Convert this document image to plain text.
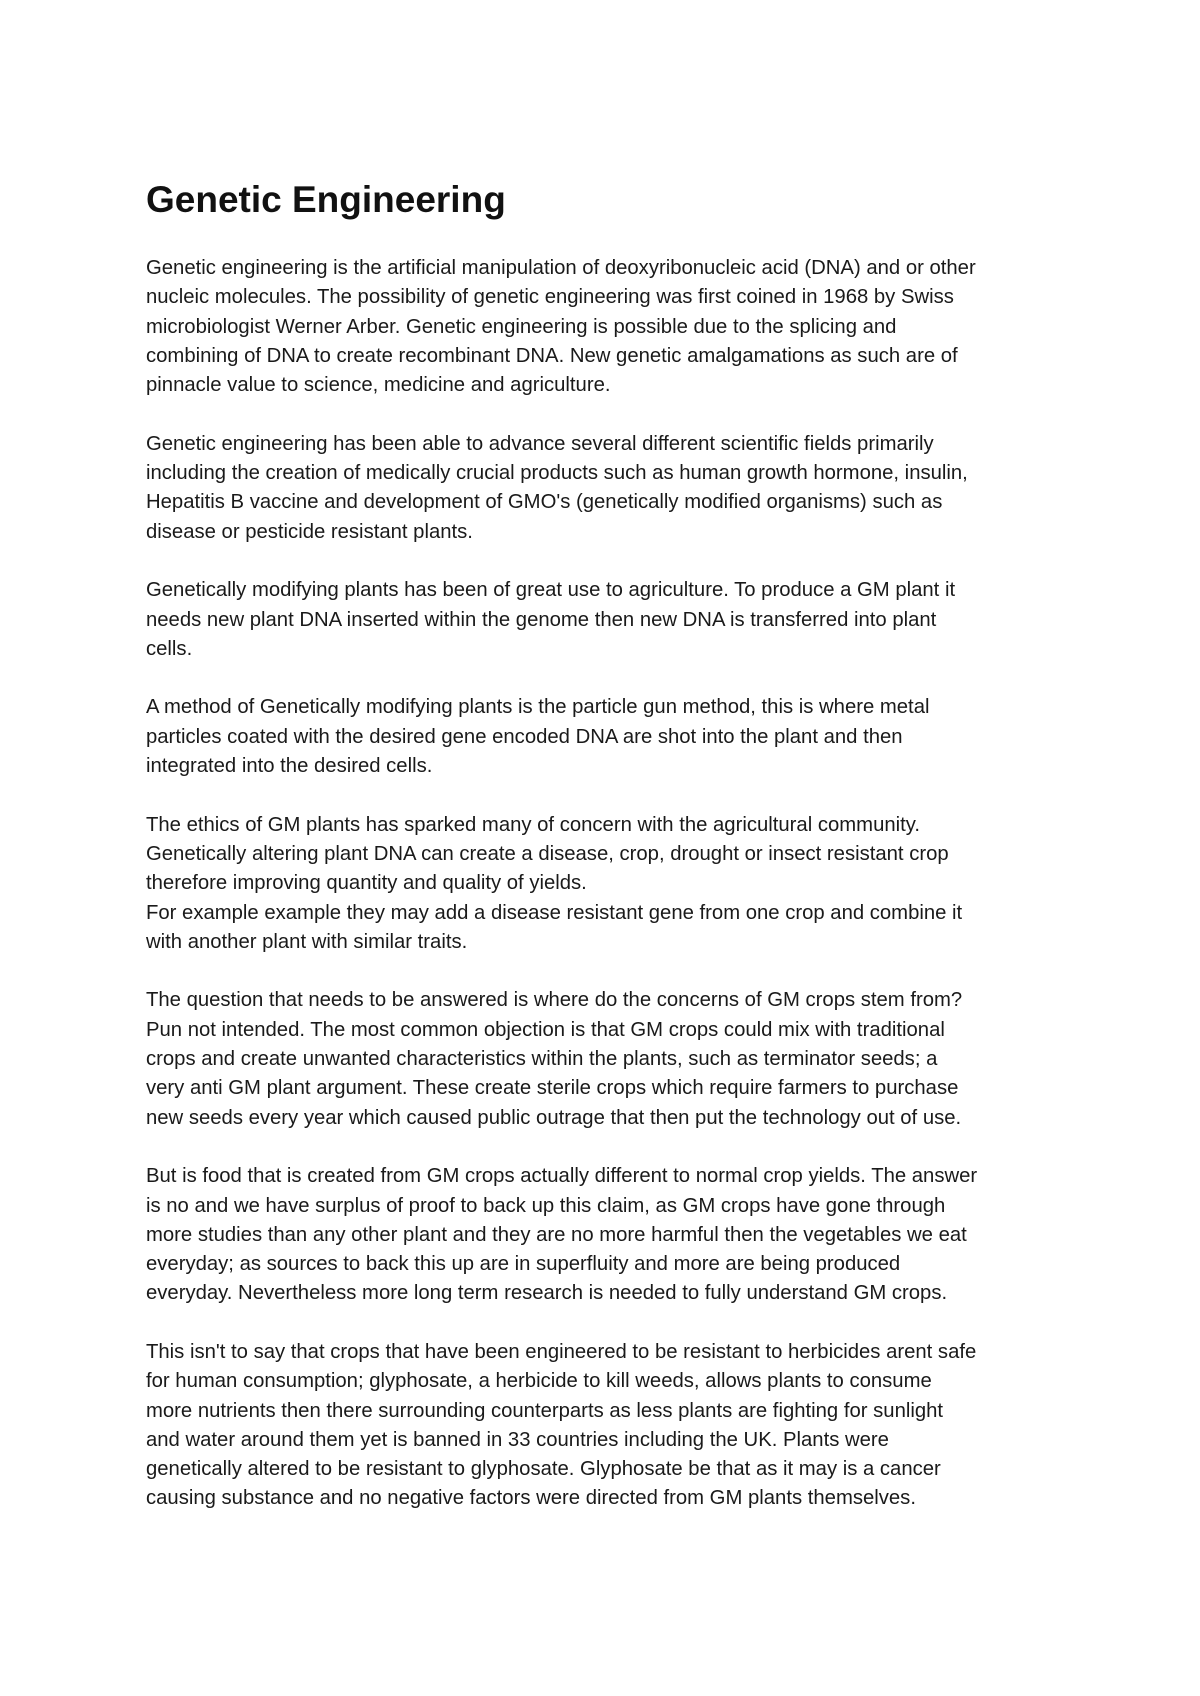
Genetic Engineering

Genetic engineering is the artificial manipulation of deoxyribonucleic acid (DNA) and or other
nucleic molecules. The possibility of genetic engineering was first coined in 1968 by Swiss
microbiologist Werner Arber. Genetic engineering is possible due to the splicing and
combining of DNA to create recombinant DNA. New genetic amalgamations as such are of
pinnacle value to science, medicine and agriculture.

Genetic engineering has been able to advance several different scientific fields primarily
including the creation of medically crucial products such as human growth hormone, insulin,
Hepatitis B vaccine and development of GMO's (genetically modified organisms) such as
disease or pesticide resistant plants.

Genetically modifying plants has been of great use to agriculture. To produce a GM plant it
needs new plant DNA inserted within the genome then new DNA is transferred into plant
cells.

A method of Genetically modifying plants is the particle gun method, this is where metal
particles coated with the desired gene encoded DNA are shot into the plant and then
integrated into the desired cells.

The ethics of GM plants has sparked many of concern with the agricultural community.
Genetically altering plant DNA can create a disease, crop, drought or insect resistant crop
therefore improving quantity and quality of yields.
For example example they may add a disease resistant gene from one crop and combine it
with another plant with similar traits.

The question that needs to be answered is where do the concerns of GM crops stem from?
Pun not intended. The most common objection is that GM crops could mix with traditional
crops and create unwanted characteristics within the plants, such as terminator seeds; a
very anti GM plant argument. These create sterile crops which require farmers to purchase
new seeds every year which caused public outrage that then put the technology out of use.

But is food that is created from GM crops actually different to normal crop yields. The answer
is no and we have surplus of proof to back up this claim, as GM crops have gone through
more studies than any other plant and they are no more harmful then the vegetables we eat
everyday; as sources to back this up are in superfluity and more are being produced
everyday. Nevertheless more long term research is needed to fully understand GM crops.

This isn't to say that crops that have been engineered to be resistant to herbicides arent safe
for human consumption; glyphosate, a herbicide to kill weeds, allows plants to consume
more nutrients then there surrounding counterparts as less plants are fighting for sunlight
and water around them yet is banned in 33 countries including the UK. Plants were
genetically altered to be resistant to glyphosate. Glyphosate be that as it may is a cancer
causing substance and no negative factors were directed from GM plants themselves.
